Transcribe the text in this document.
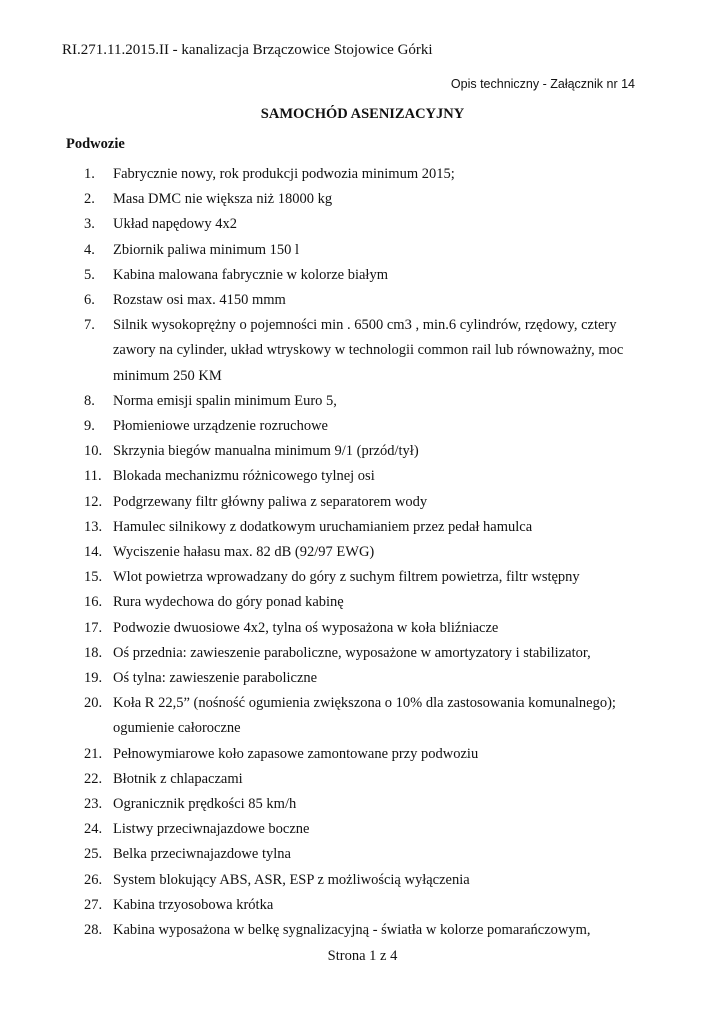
RI.271.11.2015.II - kanalizacja Brzączowice Stojowice Górki
Opis techniczny - Załącznik nr 14
SAMOCHÓD ASENIZACYJNY
Podwozie
1. Fabrycznie nowy, rok produkcji podwozia minimum 2015;
2. Masa DMC nie większa niż 18000 kg
3. Układ napędowy 4x2
4. Zbiornik paliwa minimum 150 l
5. Kabina malowana fabrycznie w kolorze białym
6. Rozstaw osi max. 4150 mmm
7. Silnik wysokoprężny o pojemności min . 6500 cm3 , min.6 cylindrów, rzędowy, cztery zawory na cylinder, układ wtryskowy w technologii common rail lub równoważny, moc minimum 250 KM
8. Norma emisji spalin minimum Euro 5,
9. Płomieniowe urządzenie rozruchowe
10. Skrzynia biegów manualna minimum 9/1 (przód/tył)
11. Blokada mechanizmu różnicowego tylnej osi
12. Podgrzewany filtr główny paliwa z separatorem wody
13. Hamulec silnikowy z dodatkowym uruchamianiem przez pedał hamulca
14. Wyciszenie hałasu max. 82 dB (92/97 EWG)
15. Wlot powietrza wprowadzany do góry z suchym filtrem powietrza, filtr wstępny
16. Rura wydechowa do góry ponad kabinę
17. Podwozie dwuosiowe 4x2, tylna oś wyposażona w koła bliźniacze
18. Oś przednia: zawieszenie paraboliczne, wyposażone w amortyzatory i stabilizator,
19. Oś tylna: zawieszenie paraboliczne
20. Koła R 22,5” (nośność ogumienia zwiększona o 10% dla zastosowania komunalnego); ogumienie całoroczne
21. Pełnowymiarowe koło zapasowe zamontowane przy podwoziu
22. Błotnik z chlapaczami
23. Ogranicznik prędkości 85 km/h
24. Listwy przeciwnajazdowe boczne
25. Belka przeciwnajazdowe tylna
26. System blokujący ABS, ASR, ESP z możliwością wyłączenia
27. Kabina trzyosobowa krótka
28. Kabina wyposażona w belkę sygnalizacyjną - światła w kolorze pomarańczowym,
Strona 1 z 4
